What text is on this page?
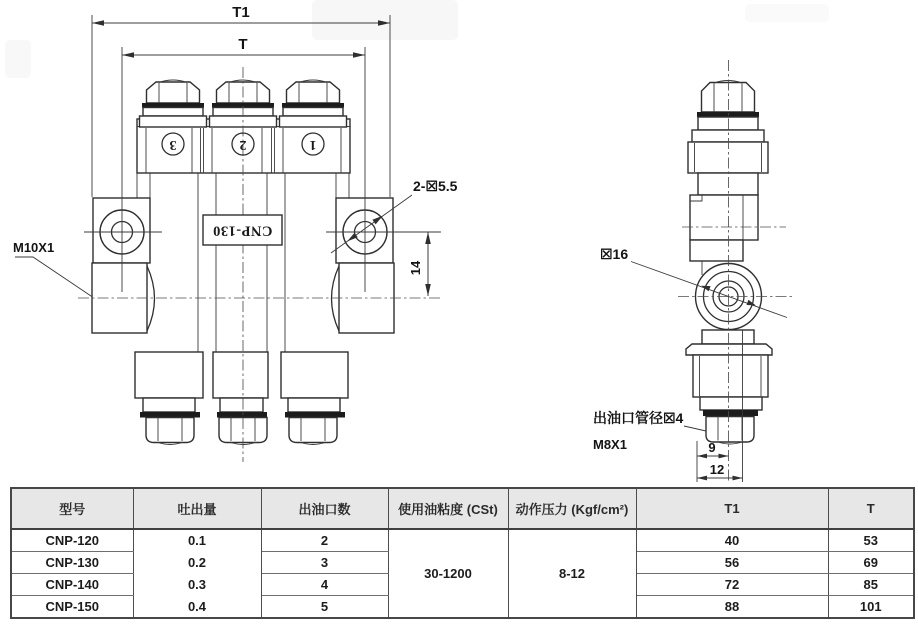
T1
T
14
CNP-130
3	2	1
M10X1
2-☒5.5
☒16
出油口管径☒4
M8X1	9
12
型号	吐出量	出油口数	使用油粘度 (CSt)	动作压力 (Kgf/cm²)	T1	T
CNP-120	0.1	2	30-1200	8-12	40	53
CNP-130	0.2	3			56	69
CNP-140	0.3	4			72	85
CNP-150	0.4	5			88	101
